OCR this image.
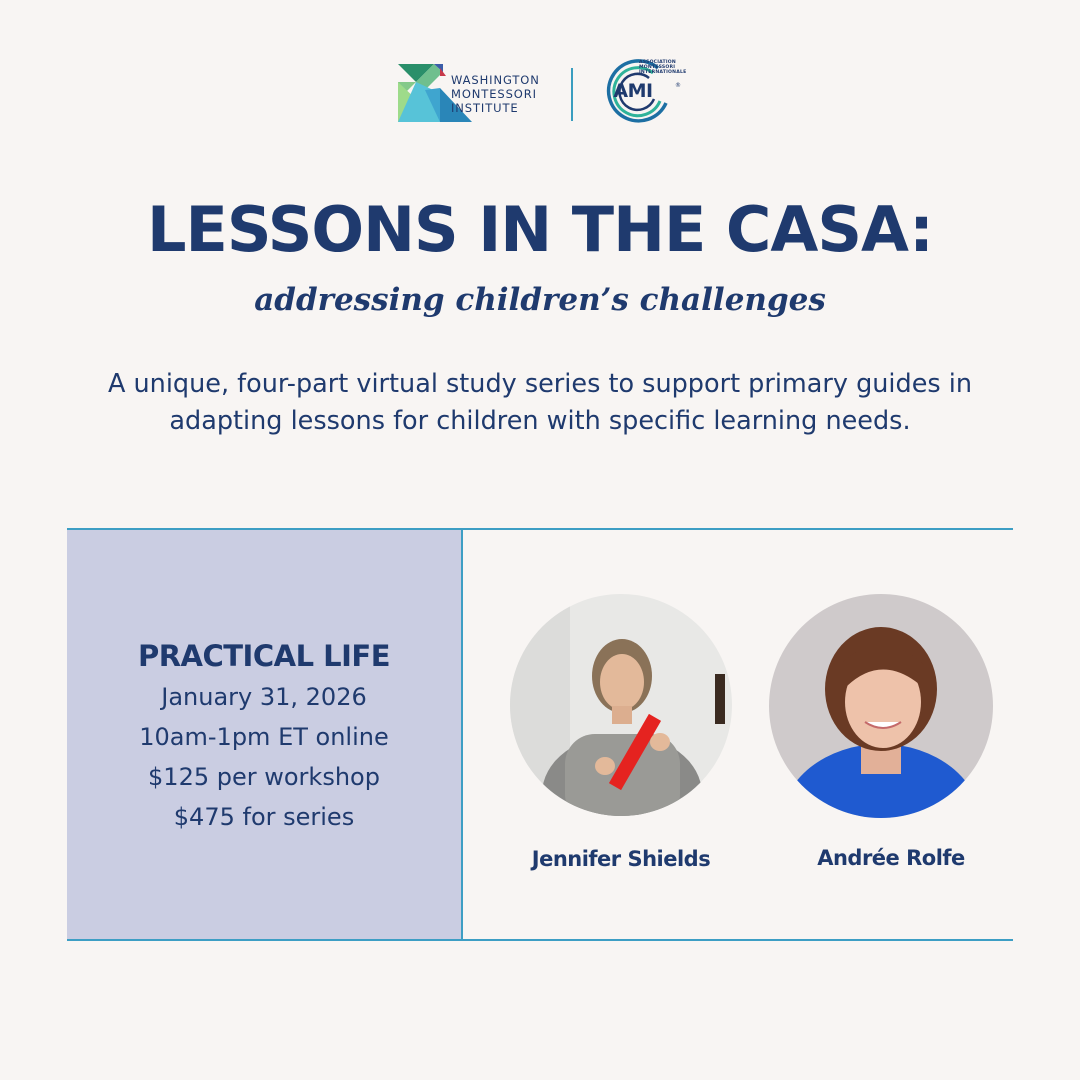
WASHINGTON
MONTESSORI
INSTITUTE
ASSOCIATION
MONTESSORI
INTERNATIONALE
AMI	®
LESSONS IN THE CASA:
addressing children’s challenges
A unique, four-part virtual study series to support primary guides in adapting lessons for children with specific learning needs.
PRACTICAL LIFE
January 31, 2026
10am-1pm ET online
$125 per workshop
$475 for series
Jennifer Shields	Andrée Rolfe
